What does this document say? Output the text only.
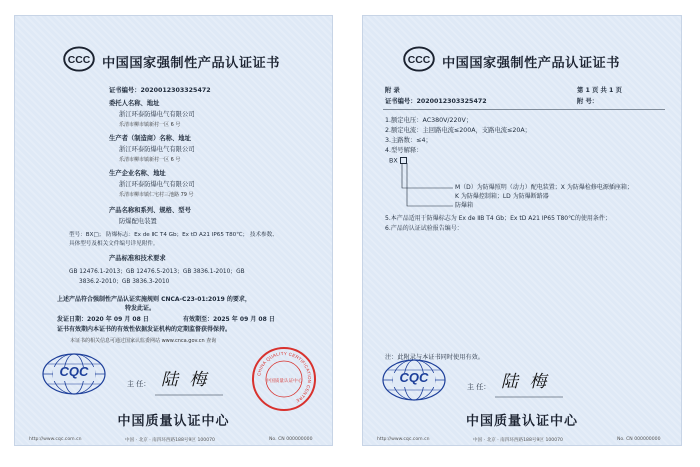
CCC 中国国家强制性产品认证证书
证书编号：2020012303325472
委托人名称、地址
浙江环泰防爆电气有限公司
乐清市柳市镇新村一区 6 号
生产者（制造商）名称、地址
浙江环泰防爆电气有限公司
乐清市柳市镇新村一区 6 号
生产企业名称、地址
浙江环泰防爆电气有限公司
乐清市柳市镇仁宅村三池路 79 号
产品名称和系列、规格、型号
防爆配电装置
型号：BX□； 防爆标志：Ex de ⅡC T4 Gb；Ex tD A21 IP65 T80℃； 技术参数、
具体型号及相关文件编号详见附件。
产品标准和技术要求
GB 12476.1-2013；GB 12476.5-2013；GB 3836.1-2010；GB
3836.2-2010；GB 3836.3-2010
上述产品符合强制性产品认证实施规则 CNCA-C23-01:2019 的要求，
特发此证。
发证日期：2020 年 09 月 08 日	有效期至：2025 年 09 月 08 日
证书有效期内本证书的有效性依据发证机构的定期监督获得保持。
本证书的相关信息可通过国家认监委网站 www.cnca.gov.cn 查询
CQC
主 任： 陆 梅	CHINA QUALITY CERTIFICATION CENTRE
中国质量认证中心
中国质量认证中心
http://www.cqc.com.cn	中国 · 北京 · 南四环西路188号9区 100070	No. CN 000000000
CCC 中国国家强制性产品认证证书
附 录	第 1 页 共 1 页
证书编号：2020012303325472	附 号：
1.额定电压：AC380V/220V；
2.额定电流：主回路电流≤200A，支路电流≤20A；
3.主路数：≤4；
4.型号解释：
BX
M（D）为防爆照明（动力）配电装置；X 为防爆检修电源插座箱；
K 为防爆控制箱；LD 为防爆断路器
防爆箱
5.本产品适用于防爆标志为 Ex de ⅡB T4 Gb；Ex tD A21 IP65 T80℃的使用条件；
6.产品的认证试验报告编号：
注：此附录与本证书同时使用有效。
CQC
主 任： 陆 梅
中国质量认证中心
http://www.cqc.com.cn	中国 · 北京 · 南四环西路188号9区 100070	No. CN 000000000
